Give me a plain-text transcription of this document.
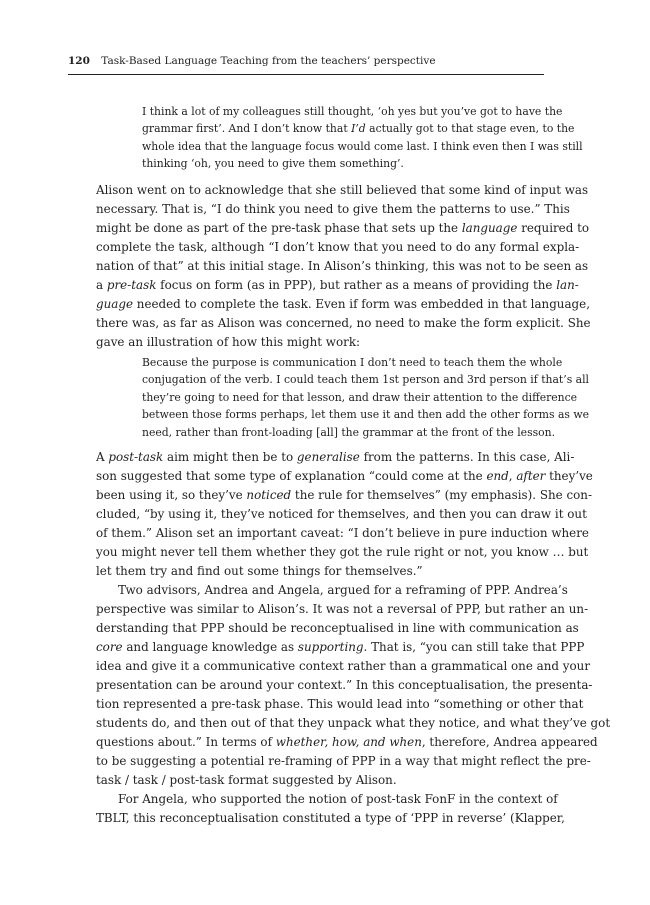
120 Task-Based Language Teaching from the teachers’ perspective
I think a lot of my colleagues still thought, ‘oh yes but you’ve got to have the
grammar first’. And I don’t know that I’d actually got to that stage even, to the
whole idea that the language focus would come last. I think even then I was still
thinking ‘oh, you need to give them something’.
Alison went on to acknowledge that she still believed that some kind of input was
necessary. That is, “I do think you need to give them the patterns to use.” This
might be done as part of the pre-task phase that sets up the language required to
complete the task, although “I don’t know that you need to do any formal expla-
nation of that” at this initial stage. In Alison’s thinking, this was not to be seen as
a pre-task focus on form (as in PPP), but rather as a means of providing the lan-
guage needed to complete the task. Even if form was embedded in that language,
there was, as far as Alison was concerned, no need to make the form explicit. She
gave an illustration of how this might work:
Because the purpose is communication I don’t need to teach them the whole
conjugation of the verb. I could teach them 1st person and 3rd person if that’s all
they’re going to need for that lesson, and draw their attention to the difference
between those forms perhaps, let them use it and then add the other forms as we
need, rather than front-loading [all] the grammar at the front of the lesson.
A post-task aim might then be to generalise from the patterns. In this case, Ali-
son suggested that some type of explanation “could come at the end, after they’ve
been using it, so they’ve noticed the rule for themselves” (my emphasis). She con-
cluded, “by using it, they’ve noticed for themselves, and then you can draw it out
of them.” Alison set an important caveat: “I don’t believe in pure induction where
you might never tell them whether they got the rule right or not, you know … but
let them try and find out some things for themselves.”
Two advisors, Andrea and Angela, argued for a reframing of PPP. Andrea’s
perspective was similar to Alison’s. It was not a reversal of PPP, but rather an un-
derstanding that PPP should be reconceptualised in line with communication as
core and language knowledge as supporting. That is, “you can still take that PPP
idea and give it a communicative context rather than a grammatical one and your
presentation can be around your context.” In this conceptualisation, the presenta-
tion represented a pre-task phase. This would lead into “something or other that
students do, and then out of that they unpack what they notice, and what they’ve got
questions about.” In terms of whether, how, and when, therefore, Andrea appeared
to be suggesting a potential re-framing of PPP in a way that might reflect the pre-
task / task / post-task format suggested by Alison.
For Angela, who supported the notion of post-task FonF in the context of
TBLT, this reconceptualisation constituted a type of ‘PPP in reverse’ (Klapper,
